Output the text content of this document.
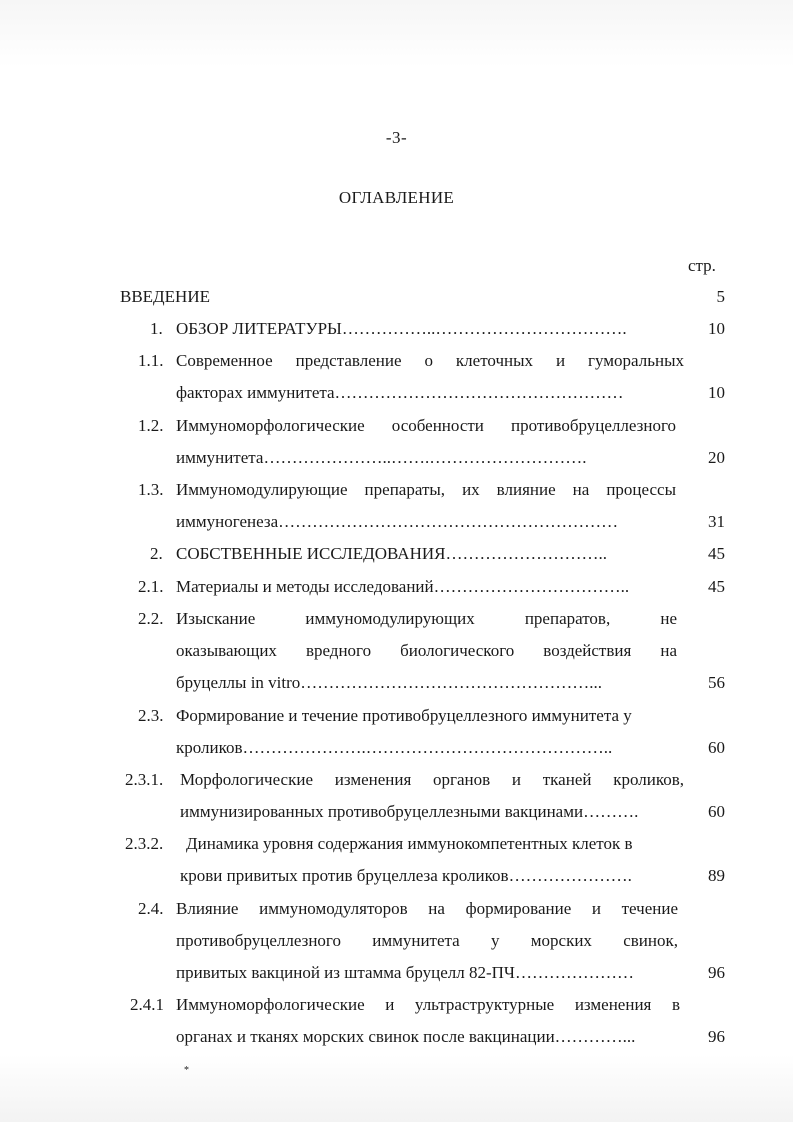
-3-
ОГЛАВЛЕНИЕ
стр.
ВВЕДЕНИЕ	5
1. ОБЗОР ЛИТЕРАТУРЫ……………..…………………………….	10
1.1. Современное представление о клеточных и гуморальных
факторах иммунитета……………………………………………	10
1.2. Иммуноморфологические особенности противобруцеллезного
иммунитета…………………..…….……………………….	20
1.3. Иммуномодулирующие препараты, их влияние на процессы
иммуногенеза……………………………………………………	31
2. СОБСТВЕННЫЕ ИССЛЕДОВАНИЯ………………………..	45
2.1. Материалы и методы исследований……………………………..	45
2.2. Изыскание иммуномодулирующих препаратов, не
оказывающих вредного биологического воздействия на
бруцеллы in vitro……………………………………………...	56
2.3. Формирование и течение противобруцеллезного иммунитета у
кроликов………………….……………………………………..	60
2.3.1. Морфологические изменения органов и тканей кроликов,
иммунизированных противобруцеллезными вакцинами……….	60
2.3.2. Динамика уровня содержания иммунокомпетентных клеток в
крови привитых против бруцеллеза кроликов………………….	89
2.4. Влияние иммуномодуляторов на формирование и течение
противобруцеллезного иммунитета у морских свинок,
привитых вакциной из штамма бруцелл 82-ПЧ…………………	96
2.4.1 Иммуноморфологические и ультраструктурные изменения в
органах и тканях морских свинок после вакцинации…………...	96
*
